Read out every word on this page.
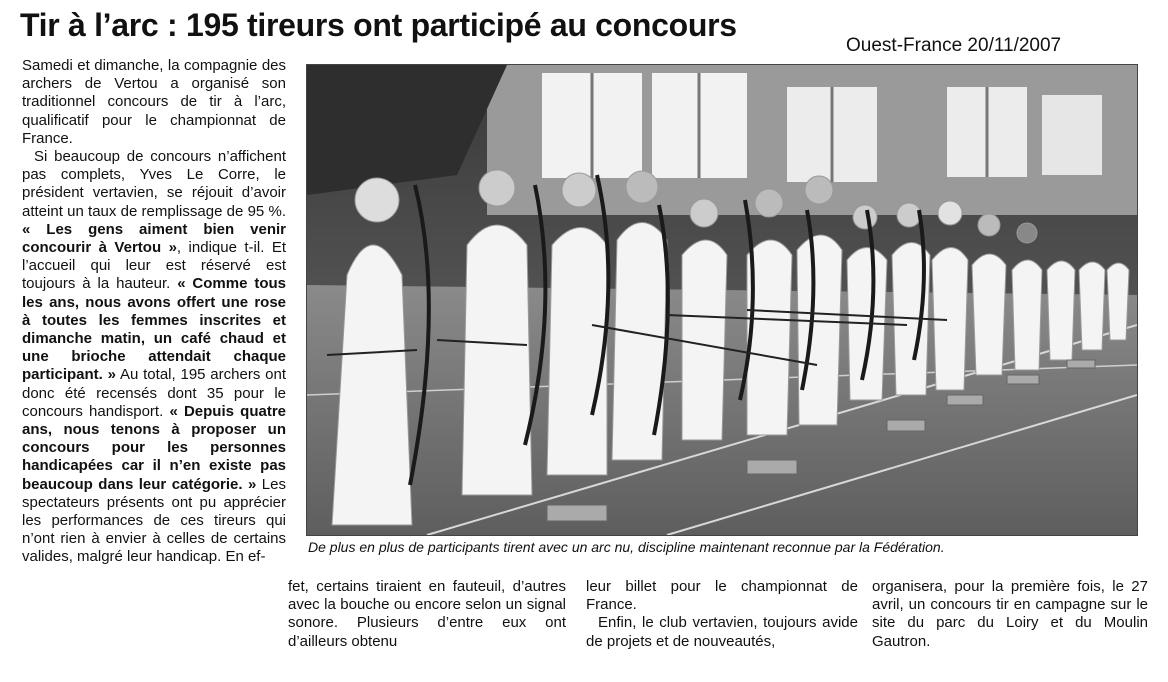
Tir à l’arc : 195 tireurs ont participé au concours
Ouest-France 20/11/2007

Samedi et dimanche, la compagnie des archers de Vertou a organisé son traditionnel concours de tir à l’arc, qualificatif pour le championnat de France.

Si beaucoup de concours n’affichent pas complets, Yves Le Corre, le président vertavien, se réjouit d’avoir atteint un taux de remplissage de 95 %. « Les gens aiment bien venir concourir à Vertou », indique t-il. Et l’accueil qui leur est réservé est toujours à la hauteur. « Comme tous les ans, nous avons offert une rose à toutes les femmes inscrites et dimanche matin, un café chaud et une brioche attendait chaque participant. » Au total, 195 archers ont donc été recensés dont 35 pour le concours handisport. « Depuis quatre ans, nous tenons à proposer un concours pour les personnes handicapées car il n’en existe pas beaucoup dans leur catégorie. » Les spectateurs présents ont pu apprécier les performances de ces tireurs qui n’ont rien à envier à celles de certains valides, malgré leur handicap. En ef-

De plus en plus de participants tirent avec un arc nu, discipline maintenant reconnue par la Fédération.

fet, certains tiraient en fauteuil, d’autres avec la bouche ou encore selon un signal sonore. Plusieurs d’entre eux ont d’ailleurs obtenu

leur billet pour le championnat de France.

Enfin, le club vertavien, toujours avide de projets et de nouveautés,

organisera, pour la première fois, le 27 avril, un concours tir en campagne sur le site du parc du Loiry et du Moulin Gautron.
